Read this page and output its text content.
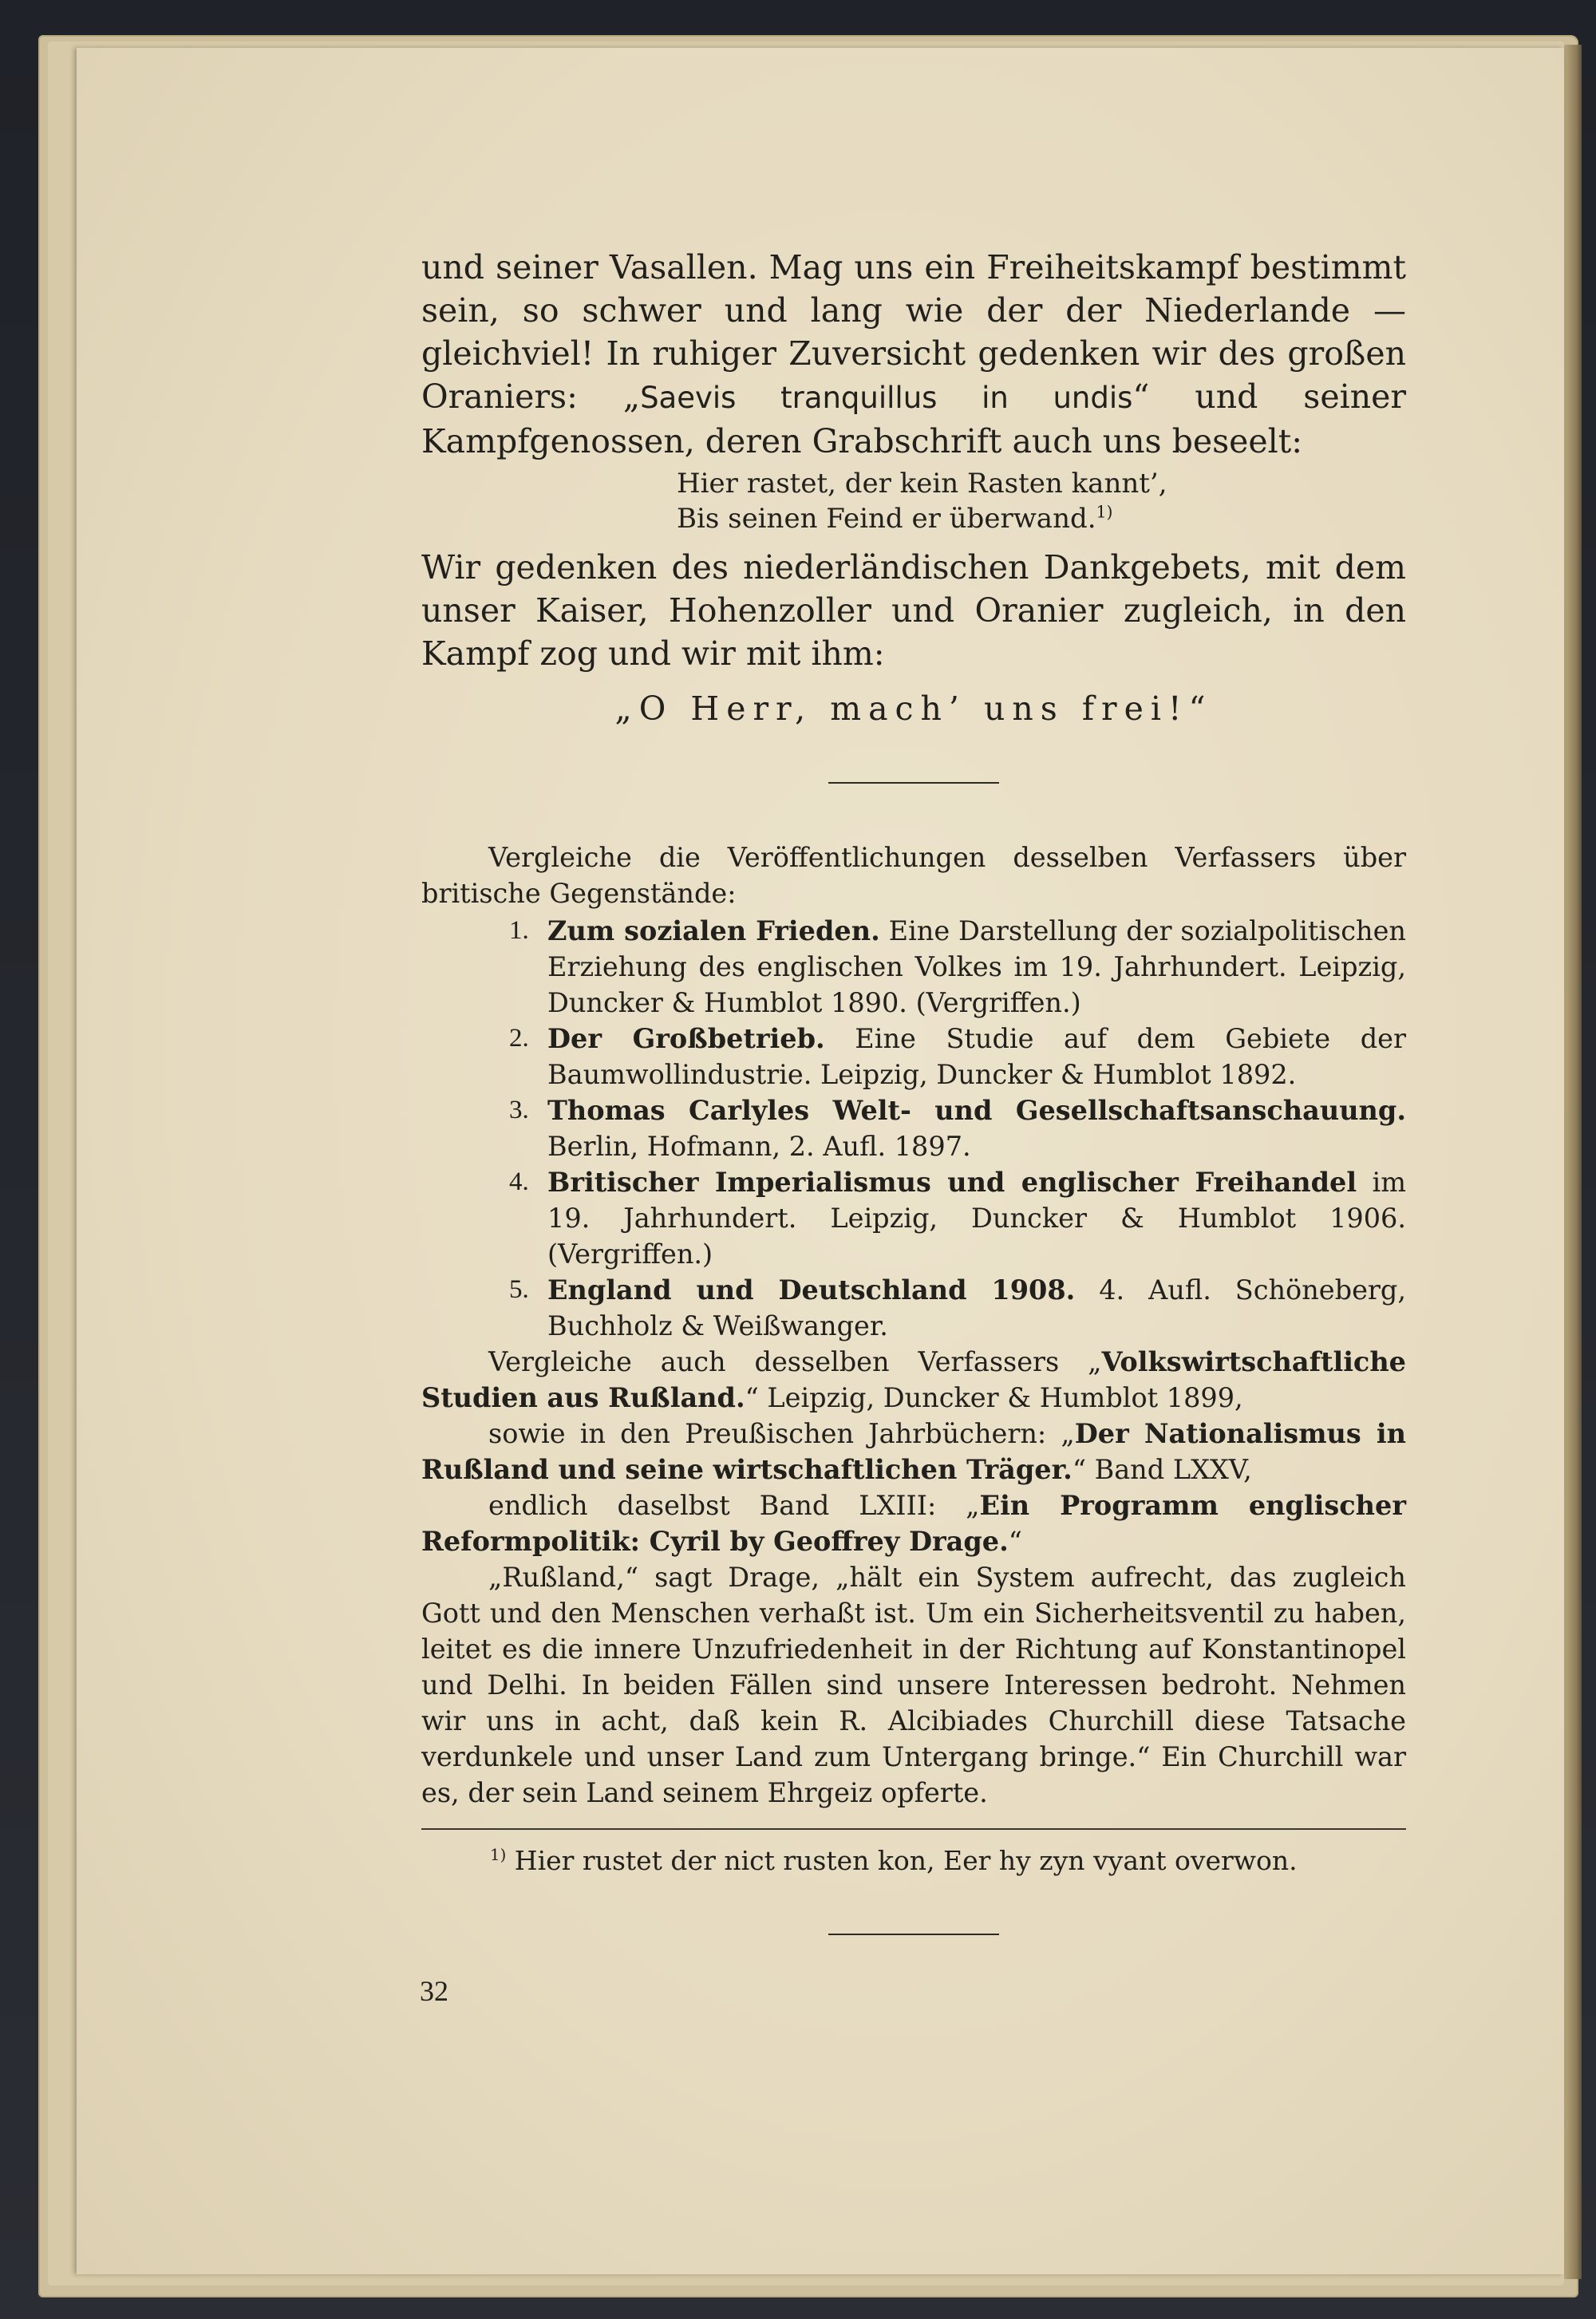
und seiner Vasallen. Mag uns ein Freiheitskampf bestimmt sein, so schwer und lang wie der der Niederlande — gleichviel! In ruhiger Zuversicht gedenken wir des großen Oraniers: „Saevis tranquillus in undis“ und seiner Kampfgenossen, deren Grabschrift auch uns beseelt:
Hier rastet, der kein Rasten kannt’,
Bis seinen Feind er überwand.$^{1)}$
Wir gedenken des niederländischen Dankgebets, mit dem unser Kaiser, Hohenzoller und Oranier zugleich, in den Kampf zog und wir mit ihm:
„O Herr, mach’ uns frei!“
Vergleiche die Veröffentlichungen desselben Verfassers über britische Gegenstände:
1. Zum sozialen Frieden. Eine Darstellung der sozialpolitischen Erziehung des englischen Volkes im 19. Jahrhundert. Leipzig, Duncker & Humblot 1890. (Vergriffen.)
2. Der Großbetrieb. Eine Studie auf dem Gebiete der Baumwollindustrie. Leipzig, Duncker & Humblot 1892.
3. Thomas Carlyles Welt- und Gesellschaftsanschauung. Berlin, Hofmann, 2. Aufl. 1897.
4. Britischer Imperialismus und englischer Freihandel im 19. Jahrhundert. Leipzig, Duncker & Humblot 1906. (Vergriffen.)
5. England und Deutschland 1908. 4. Aufl. Schöneberg, Buchholz & Weißwanger.
Vergleiche auch desselben Verfassers „Volkswirtschaftliche Studien aus Rußland.“ Leipzig, Duncker & Humblot 1899,
sowie in den Preußischen Jahrbüchern: „Der Nationalismus in Rußland und seine wirtschaftlichen Träger.“ Band LXXV,
endlich daselbst Band LXIII: „Ein Programm englischer Reformpolitik: Cyril by Geoffrey Drage.“
„Rußland,“ sagt Drage, „hält ein System aufrecht, das zugleich Gott und den Menschen verhaßt ist. Um ein Sicherheitsventil zu haben, leitet es die innere Unzufriedenheit in der Richtung auf Konstantinopel und Delhi. In beiden Fällen sind unsere Interessen bedroht. Nehmen wir uns in acht, daß kein R. Alcibiades Churchill diese Tatsache verdunkele und unser Land zum Untergang bringe.“ Ein Churchill war es, der sein Land seinem Ehrgeiz opferte.
$^{1)}$ Hier rustet der nict rusten kon, Eer hy zyn vyant overwon.
32
